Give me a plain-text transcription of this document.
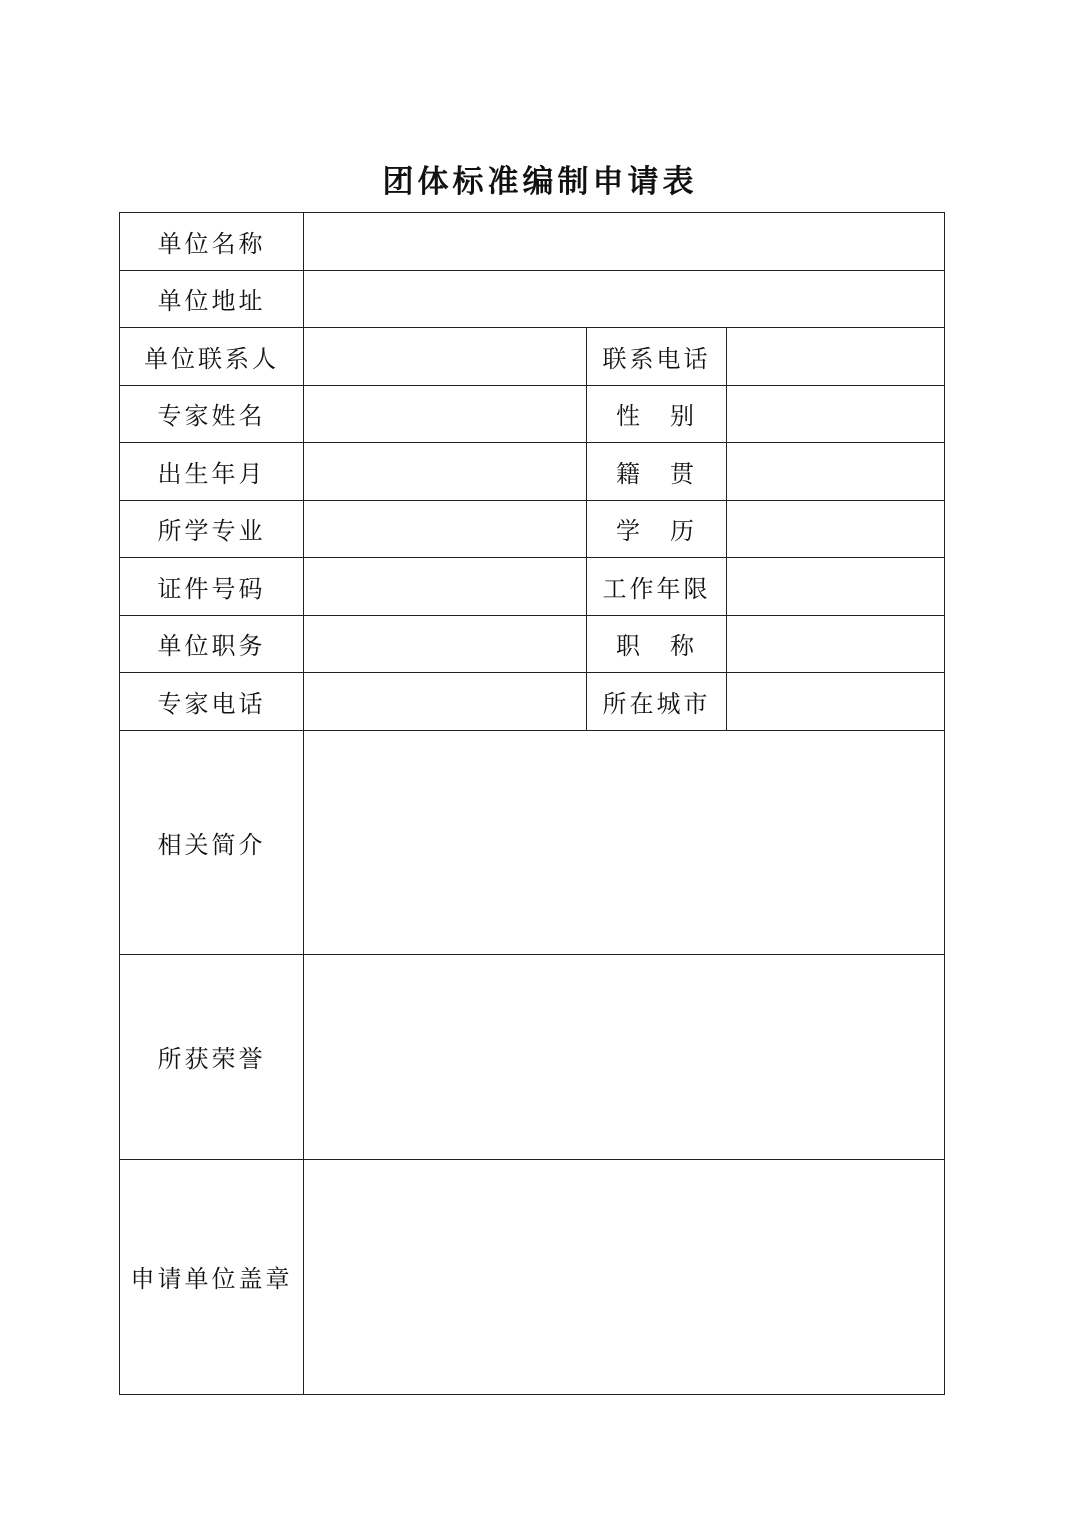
团体标准编制申请表
单位名称			
单位地址			
单位联系人		联系电话	
专家姓名		性　别	
出生年月		籍　贯	
所学专业		学　历	
证件号码		工作年限	
单位职务		职　称	
专家电话		所在城市	
相关简介			
所获荣誉			
申请单位盖章			
